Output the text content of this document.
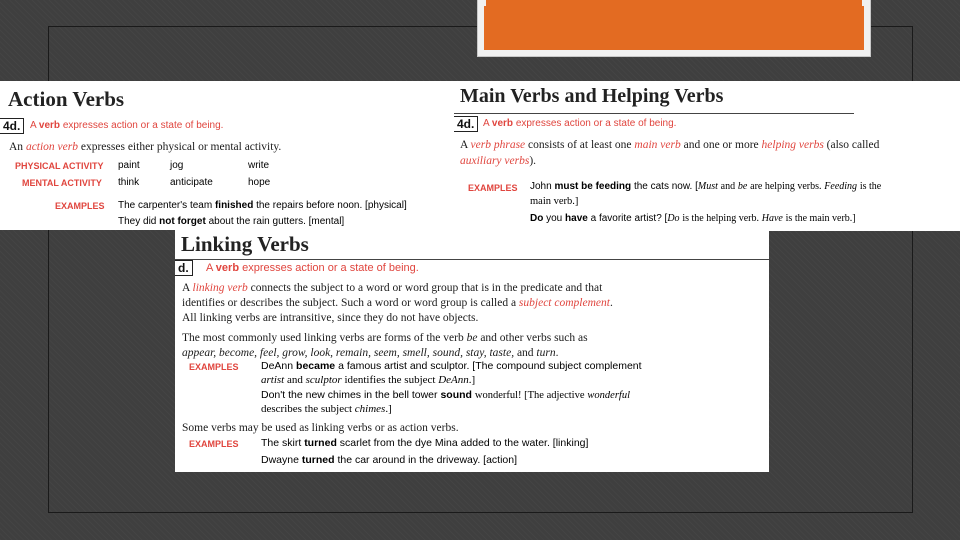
Action Verbs
4d. A verb expresses action or a state of being.
An action verb expresses either physical or mental activity.
PHYSICAL ACTIVITY paint	jog	write
MENTAL ACTIVITY think	anticipate	hope
EXAMPLES The carpenter's team finished the repairs before noon. [physical]
They did not forget about the rain gutters. [mental]
Main Verbs and Helping Verbs
4d. A verb expresses action or a state of being.
A verb phrase consists of at least one main verb and one or more helping verbs (also called
auxiliary verbs).
EXAMPLES John must be feeding the cats now. [Must and be are helping verbs. Feeding is the
main verb.]
Do you have a favorite artist? [Do is the helping verb. Have is the main verb.]
Linking Verbs
d.	A verb expresses action or a state of being.
A linking verb connects the subject to a word or word group that is in the predicate and that
identifies or describes the subject. Such a word or word group is called a subject complement.
All linking verbs are intransitive, since they do not have objects.
The most commonly used linking verbs are forms of the verb be and other verbs such as
appear, become, feel, grow, look, remain, seem, smell, sound, stay, taste, and turn.
EXAMPLES DeAnn became a famous artist and sculptor. [The compound subject complement
artist and sculptor identifies the subject DeAnn.]
Don't the new chimes in the bell tower sound wonderful! [The adjective wonderful
describes the subject chimes.]
Some verbs may be used as linking verbs or as action verbs.
EXAMPLES The skirt turned scarlet from the dye Mina added to the water. [linking]
Dwayne turned the car around in the driveway. [action]
